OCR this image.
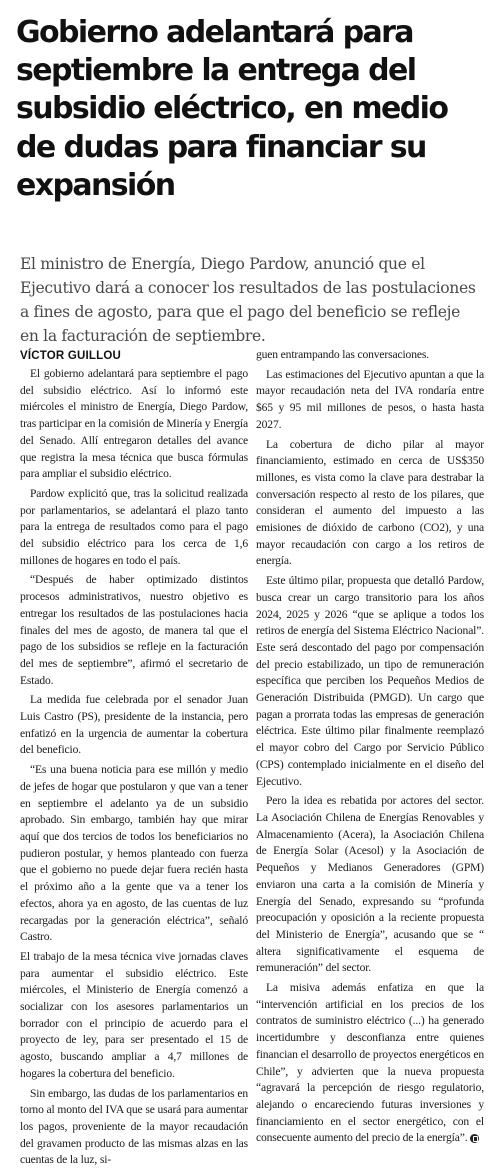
Gobierno adelantará para septiembre la entrega del subsidio eléctrico, en medio de dudas para financiar su expansión

El ministro de Energía, Diego Pardow, anunció que el Ejecutivo dará a conocer los resultados de las postulaciones a fines de agosto, para que el pago del beneficio se refleje en la facturación de septiembre.

VÍCTOR GUILLOU

El gobierno adelantará para septiembre el pago del subsidio eléctrico. Así lo informó este miércoles el ministro de Energía, Diego Pardow, tras participar en la comisión de Minería y Energía del Senado. Allí entregaron detalles del avance que registra la mesa técnica que busca fórmulas para ampliar el subsidio eléctrico.

Pardow explicitó que, tras la solicitud realizada por parlamentarios, se adelantará el plazo tanto para la entrega de resultados como para el pago del subsidio eléctrico para los cerca de 1,6 millones de hogares en todo el país.

“Después de haber optimizado distintos procesos administrativos, nuestro objetivo es entregar los resultados de las postulaciones hacia finales del mes de agosto, de manera tal que el pago de los subsidios se refleje en la facturación del mes de septiembre”, afirmó el secretario de Estado.

La medida fue celebrada por el senador Juan Luis Castro (PS), presidente de la instancia, pero enfatizó en la urgencia de aumentar la cobertura del beneficio.

“Es una buena noticia para ese millón y medio de jefes de hogar que postularon y que van a tener en septiembre el adelanto ya de un subsidio aprobado. Sin embargo, también hay que mirar aquí que dos tercios de todos los beneficiarios no pudieron postular, y hemos planteado con fuerza que el gobierno no puede dejar fuera recién hasta el próximo año a la gente que va a tener los efectos, ahora ya en agosto, de las cuentas de luz recargadas por la generación eléctrica”, señaló Castro.

El trabajo de la mesa técnica vive jornadas claves para aumentar el subsidio eléctrico. Este miércoles, el Ministerio de Energía comenzó a socializar con los asesores parlamentarios un borrador con el principio de acuerdo para el proyecto de ley, para ser presentado el 15 de agosto, buscando ampliar a 4,7 millones de hogares la cobertura del beneficio.

Sin embargo, las dudas de los parlamentarios en torno al monto del IVA que se usará para aumentar los pagos, proveniente de la mayor recaudación del gravamen producto de las mismas alzas en las cuentas de la luz, si-

guen entrampando las conversaciones.

Las estimaciones del Ejecutivo apuntan a que la mayor recaudación neta del IVA rondaría entre $65 y 95 mil millones de pesos, o hasta hasta 2027.

La cobertura de dicho pilar al mayor financiamiento, estimado en cerca de US$350 millones, es vista como la clave para destrabar la conversación respecto al resto de los pilares, que consideran el aumento del impuesto a las emisiones de dióxido de carbono (CO2), y una mayor recaudación con cargo a los retiros de energía.

Este último pilar, propuesta que detalló Pardow, busca crear un cargo transitorio para los años 2024, 2025 y 2026 “que se aplique a todos los retiros de energía del Sistema Eléctrico Nacional”. Este será descontado del pago por compensación del precio estabilizado, un tipo de remuneración específica que perciben los Pequeños Medios de Generación Distribuida (PMGD). Un cargo que pagan a prorrata todas las empresas de generación eléctrica. Este último pilar finalmente reemplazó el mayor cobro del Cargo por Servicio Público (CPS) contemplado inicialmente en el diseño del Ejecutivo.

Pero la idea es rebatida por actores del sector. La Asociación Chilena de Energías Renovables y Almacenamiento (Acera), la Asociación Chilena de Energía Solar (Acesol) y la Asociación de Pequeños y Medianos Generadores (GPM) enviaron una carta a la comisión de Minería y Energía del Senado, expresando su “profunda preocupación y oposición a la reciente propuesta del Ministerio de Energía”, acusando que se “ altera significativamente el esquema de remuneración” del sector.

La misiva además enfatiza en que la “intervención artificial en los precios de los contratos de suministro eléctrico (...) ha generado incertidumbre y desconfianza entre quienes financian el desarrollo de proyectos energéticos en Chile”, y advierten que la nueva propuesta “agravará la percepción de riesgo regulatorio, alejando o encareciendo futuras inversiones y financiamiento en el sector energético, con el consecuente aumento del precio de la energía”.
